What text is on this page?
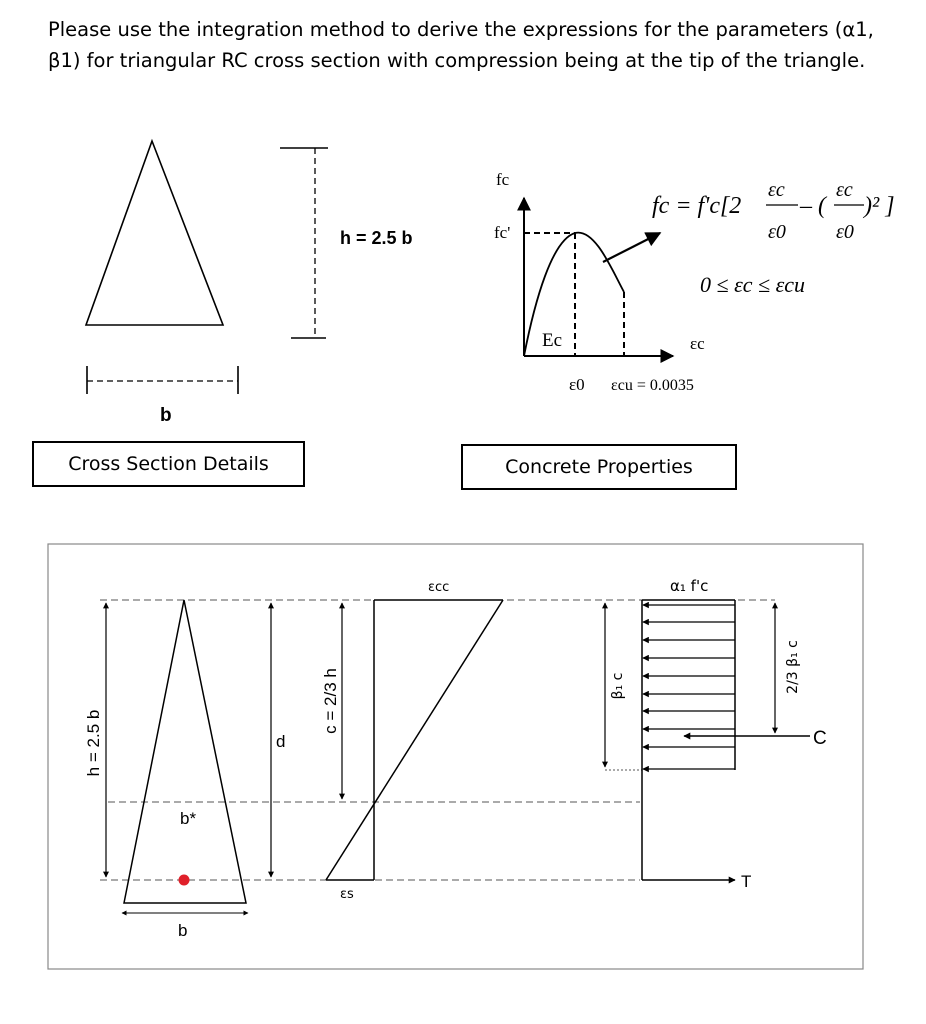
Please use the integration method to derive the expressions for the parameters (α1, β1) for triangular RC cross section with compression being at the tip of the triangle.

h = 2.5 b
b
fc
fc'
Ec	εc
ε0 εcu = 0.0035
fc = f'c[2
εc
ε0
– (
εc
ε0
)² ]
0 ≤ εc ≤ εcu
h = 2.5 b
b*
b
d
c = 2/3 h
εcc
εs
β₁ c
α₁ f'c
2/3 β₁ c
C
T
Cross Section Details	Concrete Properties
